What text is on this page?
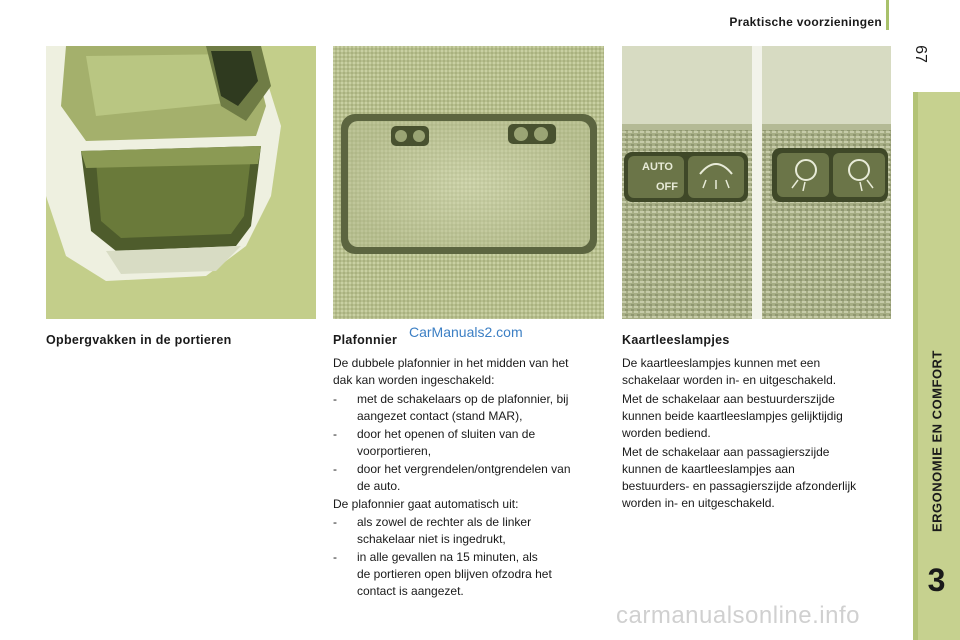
Praktische voorzieningen
67
ERGONOMIE EN COMFORT
3
AUTO
OFF
Opbergvakken in de portieren	Plafonnier CarManuals2.com
De dubbele plafonnier in het midden van het
dak kan worden ingeschakeld:
- met de schakelaars op de plafonnier, bij
aangezet contact (stand MAR),
- door het openen of sluiten van de
voorportieren,
- door het vergrendelen/ontgrendelen van
de auto.
De plafonnier gaat automatisch uit:
- als zowel de rechter als de linker
schakelaar niet is ingedrukt,
- in alle gevallen na 15 minuten, als
de portieren open blijven ofzodra het
contact is aangezet.
Kaartleeslampjes
De kaartleeslampjes kunnen met een
schakelaar worden in- en uitgeschakeld.
Met de schakelaar aan bestuurderszijde
kunnen beide kaartleeslampjes gelijktijdig
worden bediend.
Met de schakelaar aan passagierszijde
kunnen de kaartleeslampjes aan
bestuurders- en passagierszijde afzonderlijk
worden in- en uitgeschakeld.
carmanualsonline.info
